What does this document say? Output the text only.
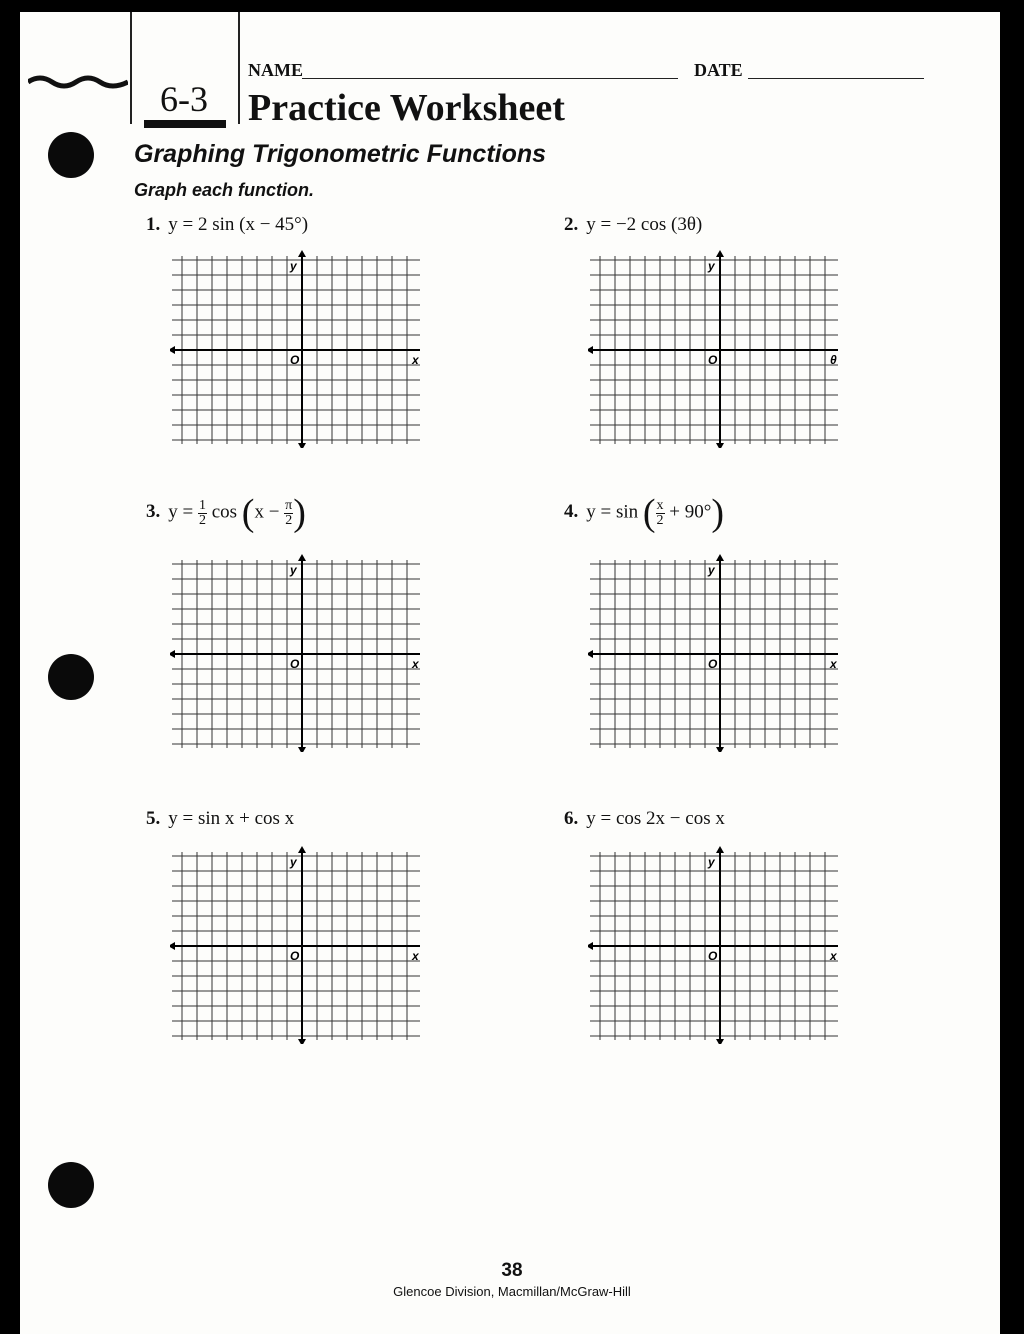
6-3
NAME	DATE
Practice Worksheet
Graphing Trigonometric Functions
Graph each function.
1. y = 2 sin (x − 45°)	2. y = −2 cos (3θ)
3. $y = \frac{1}{2}$ $\cos (x - \frac{\pi}{2}$ )	4. y = sin ( $\frac{x}{2} + 90^\circ$)
5. y = sin x + cos x	6. y = cos 2x − cos x
y
x
O
y
θ
O
y
x
O
y
x
O
y
x
O
y
x
O
38
Glencoe Division, Macmillan/McGraw-Hill
